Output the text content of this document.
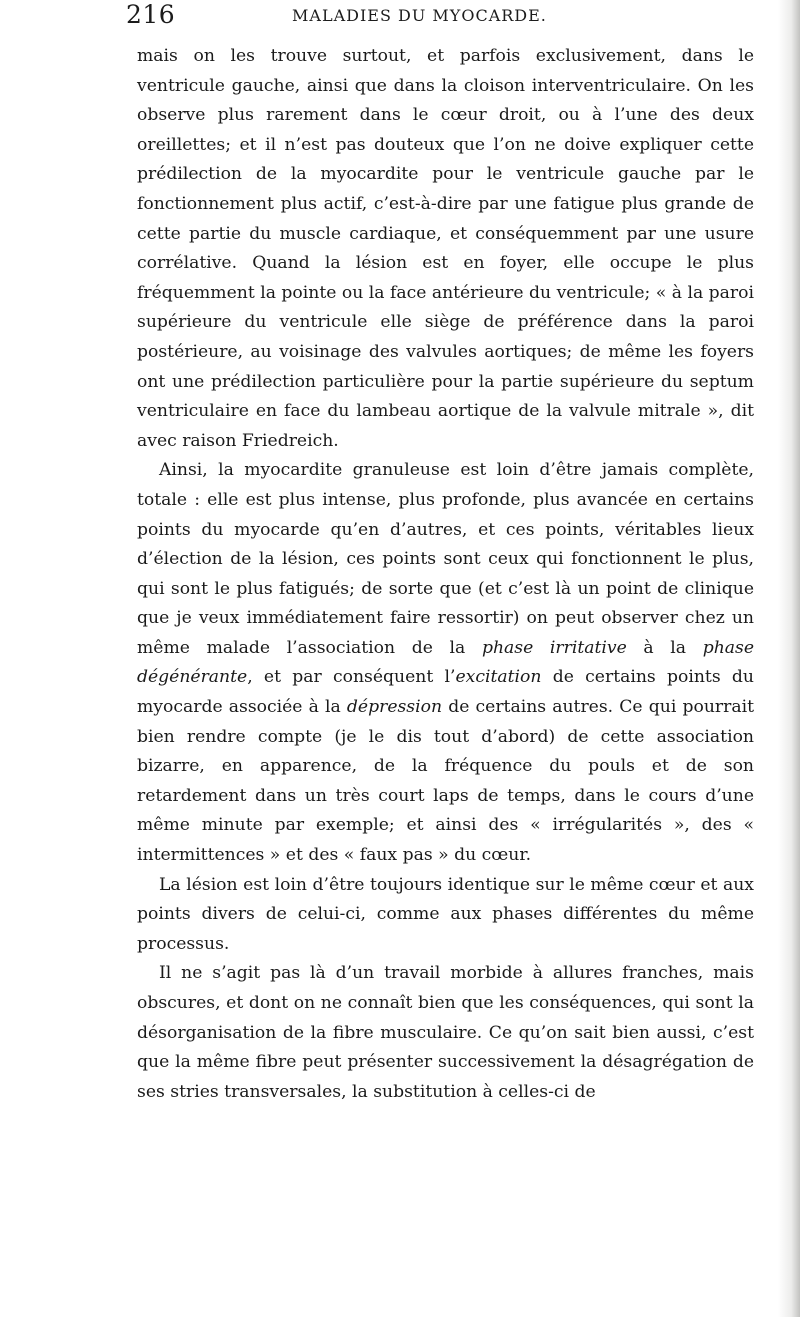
216	MALADIES DU MYOCARDE.

mais on les trouve surtout, et parfois exclusivement, dans le ventricule gauche, ainsi que dans la cloison interventriculaire. On les observe plus rarement dans le cœur droit, ou à l’une des deux oreillettes; et il n’est pas douteux que l’on ne doive expliquer cette prédilection de la myocardite pour le ventricule gauche par le fonctionnement plus actif, c’est-à-dire par une fatigue plus grande de cette partie du muscle cardiaque, et conséquemment par une usure corrélative. Quand la lésion est en foyer, elle occupe le plus fréquemment la pointe ou la face antérieure du ventricule; « à la paroi supérieure du ventricule elle siège de préférence dans la paroi postérieure, au voisinage des valvules aortiques; de même les foyers ont une prédilection particulière pour la partie supérieure du septum ventriculaire en face du lambeau aortique de la valvule mitrale », dit avec raison Friedreich.

Ainsi, la myocardite granuleuse est loin d’être jamais complète, totale : elle est plus intense, plus profonde, plus avancée en certains points du myocarde qu’en d’autres, et ces points, véritables lieux d’élection de la lésion, ces points sont ceux qui fonctionnent le plus, qui sont le plus fatigués; de sorte que (et c’est là un point de clinique que je veux immédiatement faire ressortir) on peut observer chez un même malade l’association de la phase irritative à la phase dégénérante, et par conséquent l’excitation de certains points du myocarde associée à la dépression de certains autres. Ce qui pourrait bien rendre compte (je le dis tout d’abord) de cette association bizarre, en apparence, de la fréquence du pouls et de son retardement dans un très court laps de temps, dans le cours d’une même minute par exemple; et ainsi des « irrégularités », des « intermittences » et des « faux pas » du cœur.

La lésion est loin d’être toujours identique sur le même cœur et aux points divers de celui-ci, comme aux phases différentes du même processus.

Il ne s’agit pas là d’un travail morbide à allures franches, mais obscures, et dont on ne connaît bien que les conséquences, qui sont la désorganisation de la fibre musculaire. Ce qu’on sait bien aussi, c’est que la même fibre peut présenter successivement la désagrégation de ses stries transversales, la substitution à celles-ci de
